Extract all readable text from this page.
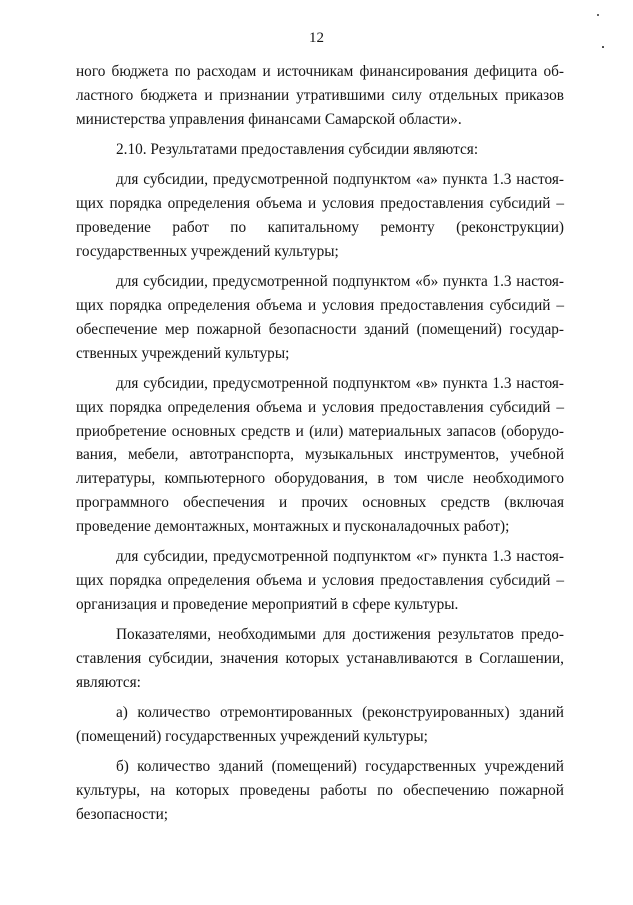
12

ного бюджета по расходам и источникам финансирования дефицита областного бюджета и признании утратившими силу отдельных приказов министерства управления финансами Самарской области».

2.10. Результатами предоставления субсидии являются:

для субсидии, предусмотренной подпунктом «а» пункта 1.3 настоящих порядка определения объема и условия предоставления субсидий – проведение работ по капитальному ремонту (реконструкции) государственных учреждений культуры;

для субсидии, предусмотренной подпунктом «б» пункта 1.3 настоящих порядка определения объема и условия предоставления субсидий – обеспечение мер пожарной безопасности зданий (помещений) государственных учреждений культуры;

для субсидии, предусмотренной подпунктом «в» пункта 1.3 настоящих порядка определения объема и условия предоставления субсидий – приобретение основных средств и (или) материальных запасов (оборудования, мебели, автотранспорта, музыкальных инструментов, учебной литературы, компьютерного оборудования, в том числе необходимого программного обеспечения и прочих основных средств (включая проведение демонтажных, монтажных и пусконаладочных работ);

для субсидии, предусмотренной подпунктом «г» пункта 1.3 настоящих порядка определения объема и условия предоставления субсидий – организация и проведение мероприятий в сфере культуры.

Показателями, необходимыми для достижения результатов предоставления субсидии, значения которых устанавливаются в Соглашении, являются:

а) количество отремонтированных (реконструированных) зданий (помещений) государственных учреждений культуры;

б) количество зданий (помещений) государственных учреждений культуры, на которых проведены работы по обеспечению пожарной безопасности;
